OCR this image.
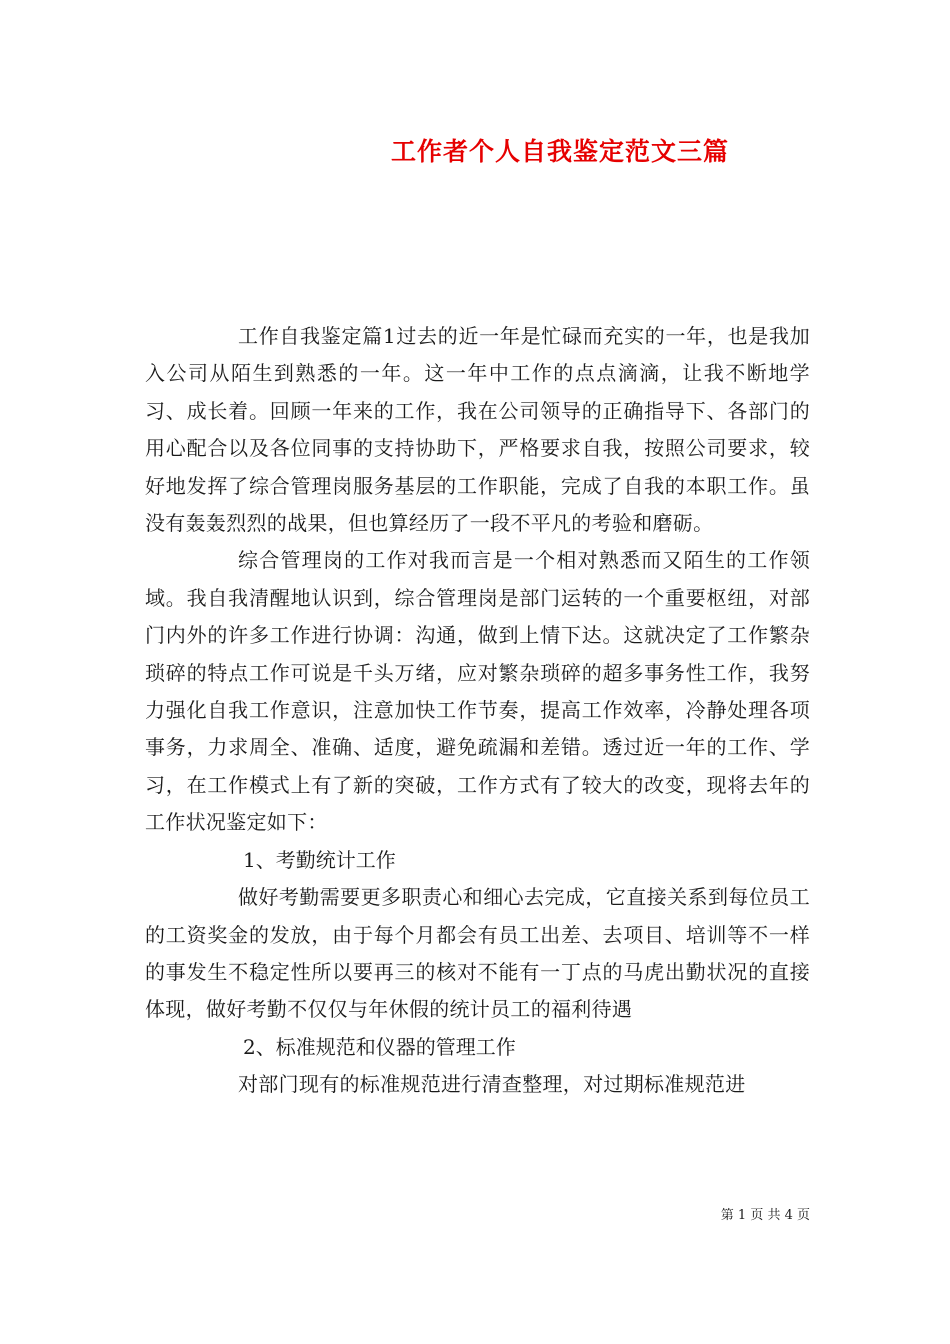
工作者个人自我鉴定范文三篇

工作自我鉴定篇1过去的近一年是忙碌而充实的一年，也是我加入公司从陌生到熟悉的一年。这一年中工作的点点滴滴，让我不断地学习、成长着。回顾一年来的工作，我在公司领导的正确指导下、各部门的用心配合以及各位同事的支持协助下，严格要求自我，按照公司要求，较好地发挥了综合管理岗服务基层的工作职能，完成了自我的本职工作。虽没有轰轰烈烈的战果，但也算经历了一段不平凡的考验和磨砺。

综合管理岗的工作对我而言是一个相对熟悉而又陌生的工作领域。我自我清醒地认识到，综合管理岗是部门运转的一个重要枢纽，对部门内外的许多工作进行协调：沟通，做到上情下达。这就决定了工作繁杂琐碎的特点工作可说是千头万绪，应对繁杂琐碎的超多事务性工作，我努力强化自我工作意识，注意加快工作节奏，提高工作效率，冷静处理各项事务，力求周全、准确、适度，避免疏漏和差错。透过近一年的工作、学习，在工作模式上有了新的突破，工作方式有了较大的改变，现将去年的工作状况鉴定如下：

1、考勤统计工作

做好考勤需要更多职责心和细心去完成，它直接关系到每位员工的工资奖金的发放，由于每个月都会有员工出差、去项目、培训等不一样的事发生不稳定性所以要再三的核对不能有一丁点的马虎出勤状况的直接体现，做好考勤不仅仅与年休假的统计员工的福利待遇

2、标准规范和仪器的管理工作

对部门现有的标准规范进行清查整理，对过期标准规范进

第 1 页 共 4 页
